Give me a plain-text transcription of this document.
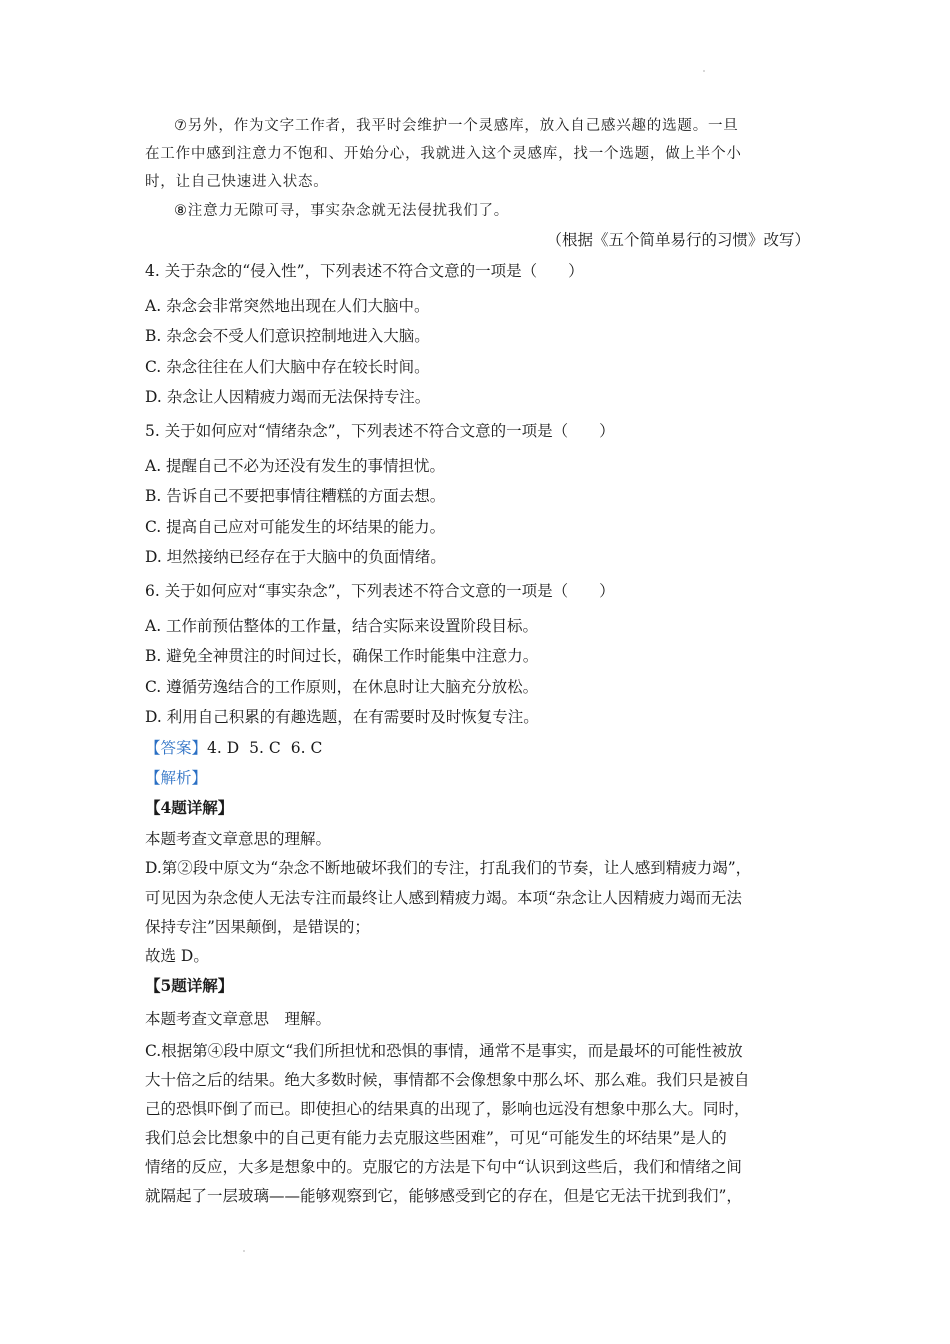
⑦另外，作为文字工作者，我平时会维护一个灵感库，放入自己感兴趣的选题。一旦
在工作中感到注意力不饱和、开始分心，我就进入这个灵感库，找一个选题，做上半个小
时，让自己快速进入状态。
⑧注意力无隙可寻，事实杂念就无法侵扰我们了。
（根据《五个简单易行的习惯》改写）
4. 关于杂念的“侵入性”，下列表述不符合文意的一项是（　　）
A. 杂念会非常突然地出现在人们大脑中。
B. 杂念会不受人们意识控制地进入大脑。
C. 杂念往往在人们大脑中存在较长时间。
D. 杂念让人因精疲力竭而无法保持专注。
5. 关于如何应对“情绪杂念”，下列表述不符合文意的一项是（　　）
A. 提醒自己不必为还没有发生的事情担忧。
B. 告诉自己不要把事情往糟糕的方面去想。
C. 提高自己应对可能发生的坏结果的能力。
D. 坦然接纳已经存在于大脑中的负面情绪。
6. 关于如何应对“事实杂念”，下列表述不符合文意的一项是（　　）
A. 工作前预估整体的工作量，结合实际来设置阶段目标。
B. 避免全神贯注的时间过长，确保工作时能集中注意力。
C. 遵循劳逸结合的工作原则，在休息时让大脑充分放松。
D. 利用自己积累的有趣选题，在有需要时及时恢复专注。
【答案】4. D 5. C 6. C
【解析】
【4题详解】
本题考查文章意思的理解。
D.第②段中原文为“杂念不断地破坏我们的专注，打乱我们的节奏，让人感到精疲力竭”，
可见因为杂念使人无法专注而最终让人感到精疲力竭。本项“杂念让人因精疲力竭而无法
保持专注”因果颠倒，是错误的；
故选 D。
【5题详解】
本题考查文章意思　理解。
C.根据第④段中原文“我们所担忧和恐惧的事情，通常不是事实，而是最坏的可能性被放
大十倍之后的结果。绝大多数时候，事情都不会像想象中那么坏、那么难。我们只是被自
己的恐惧吓倒了而已。即使担心的结果真的出现了，影响也远没有想象中那么大。同时，
我们总会比想象中的自己更有能力去克服这些困难”，可见“可能发生的坏结果”是人的
情绪的反应，大多是想象中的。克服它的方法是下句中“认识到这些后，我们和情绪之间
就隔起了一层玻璃——能够观察到它，能够感受到它的存在，但是它无法干扰到我们”，
